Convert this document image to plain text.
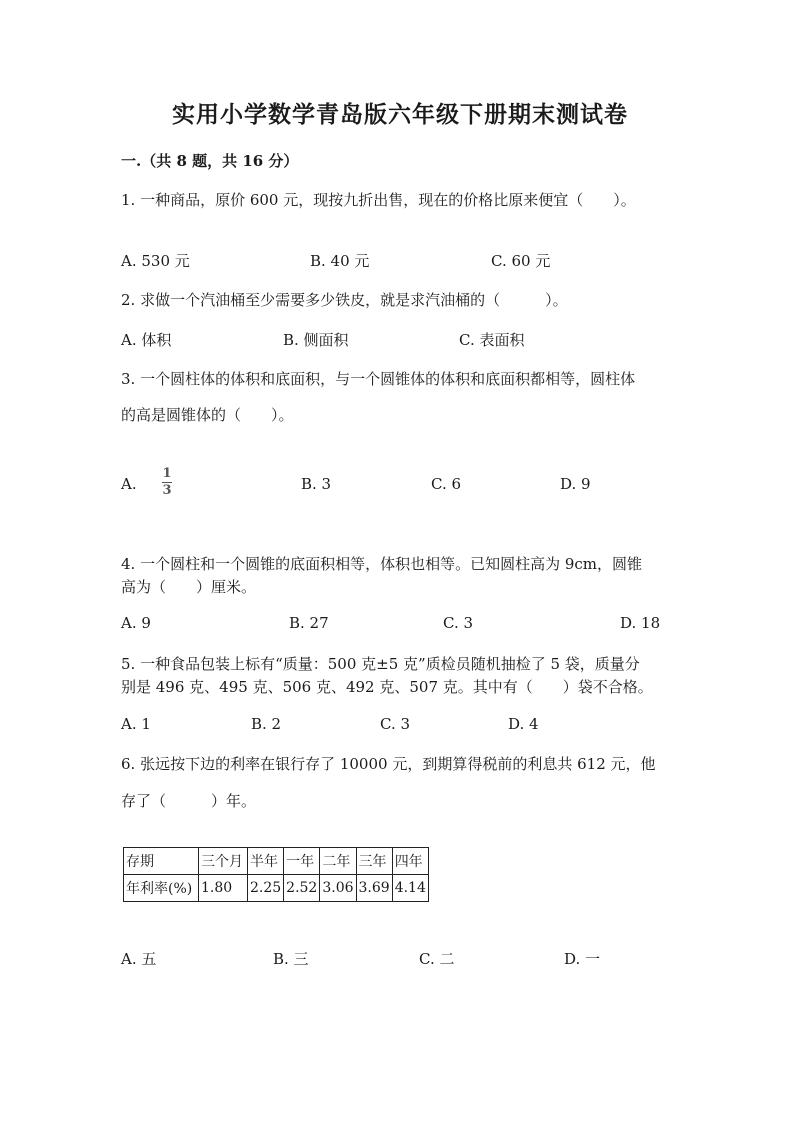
实用小学数学青岛版六年级下册期末测试卷
一.（共 8 题，共 16 分）
1. 一种商品，原价 600 元，现按九折出售，现在的价格比原来便宜（　　）。
A. 530 元	B. 40 元	C. 60 元
2. 求做一个汽油桶至少需要多少铁皮，就是求汽油桶的（　　　）。
A. 体积	B. 侧面积	C. 表面积
3. 一个圆柱体的体积和底面积，与一个圆锥体的体积和底面积都相等，圆柱体
的高是圆锥体的（　　）。
A.
1
3	B. 3	C. 6	D. 9
4. 一个圆柱和一个圆锥的底面积相等，体积也相等。已知圆柱高为 9cm，圆锥
高为（　　）厘米。
A. 9	B. 27	C. 3	D. 18
5. 一种食品包装上标有“质量：500 克±5 克”质检员随机抽检了 5 袋，质量分
别是 496 克、495 克、506 克、492 克、507 克。其中有（　　）袋不合格。
A. 1	B. 2	C. 3	D. 4
6. 张远按下边的利率在银行存了 10000 元，到期算得税前的利息共 612 元，他
存了（　　　）年。
存期	三个月	半年	一年	二年	三年	四年
年利率(%)	1.80	2.25	2.52	3.06	3.69	4.14
A. 五	B. 三	C. 二	D. 一
